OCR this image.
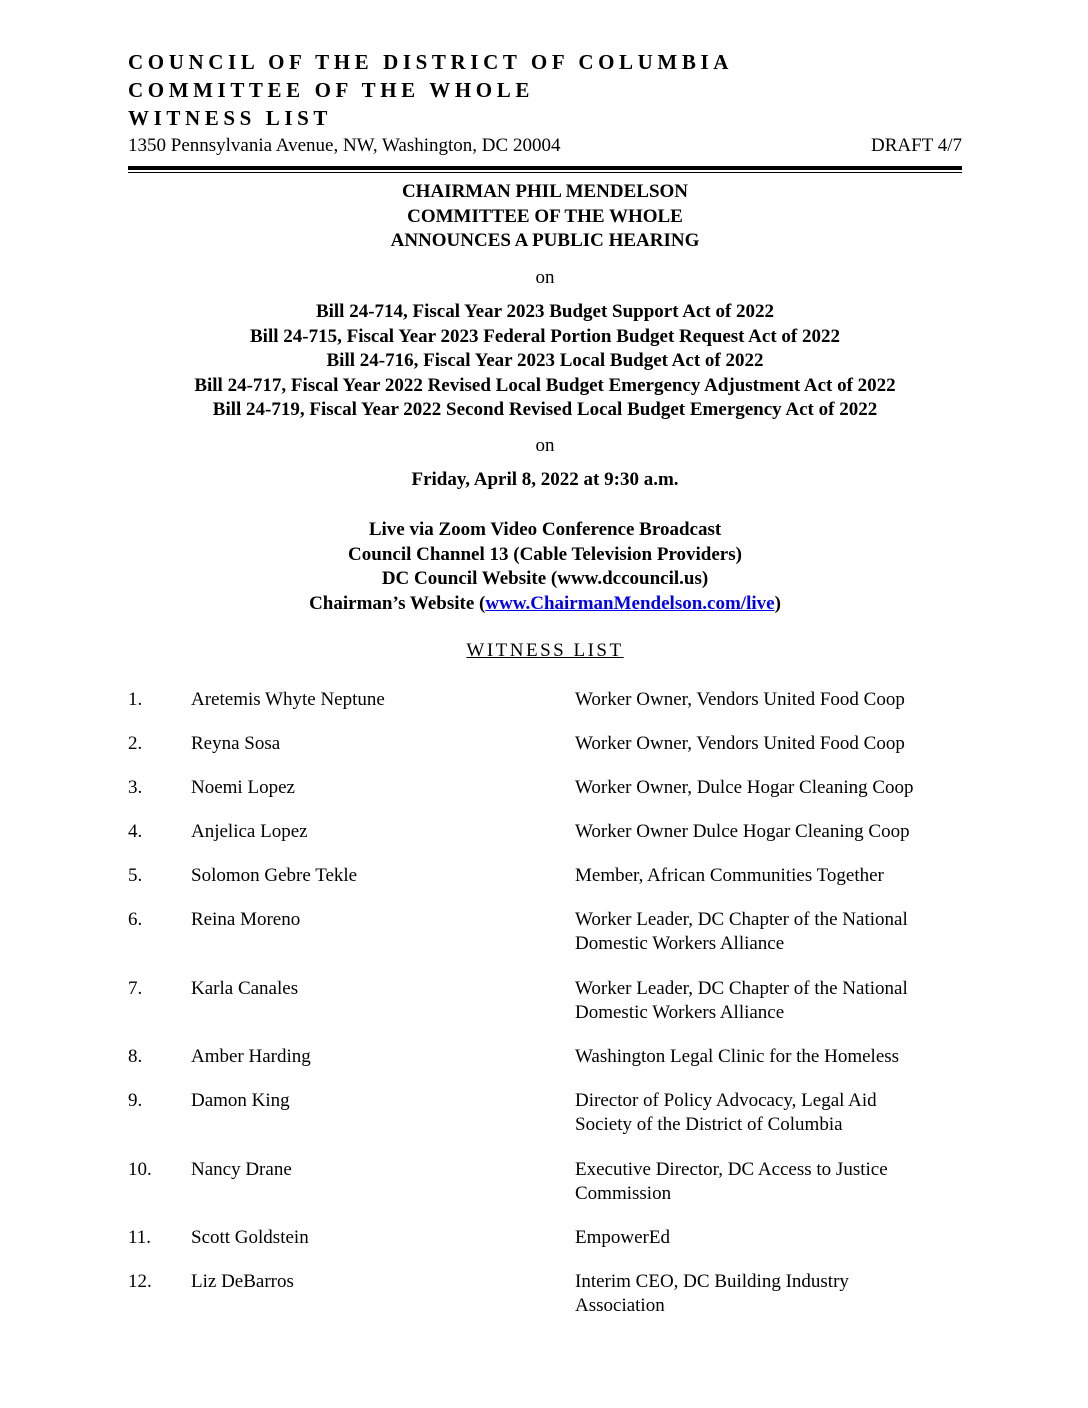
COUNCIL OF THE DISTRICT OF COLUMBIA
COMMITTEE OF THE WHOLE
WITNESS LIST
1350 Pennsylvania Avenue, NW, Washington, DC 20004	DRAFT 4/7
CHAIRMAN PHIL MENDELSON
COMMITTEE OF THE WHOLE
ANNOUNCES A PUBLIC HEARING
on
Bill 24-714, Fiscal Year 2023 Budget Support Act of 2022
Bill 24-715, Fiscal Year 2023 Federal Portion Budget Request Act of 2022
Bill 24-716, Fiscal Year 2023 Local Budget Act of 2022
Bill 24-717, Fiscal Year 2022 Revised Local Budget Emergency Adjustment Act of 2022
Bill 24-719, Fiscal Year 2022 Second Revised Local Budget Emergency Act of 2022
on
Friday, April 8, 2022 at 9:30 a.m.
Live via Zoom Video Conference Broadcast
Council Channel 13 (Cable Television Providers)
DC Council Website (www.dccouncil.us)
Chairman’s Website (www.ChairmanMendelson.com/live)
WITNESS LIST
1.	Aretemis Whyte Neptune	Worker Owner, Vendors United Food Coop
2.	Reyna Sosa	Worker Owner, Vendors United Food Coop
3.	Noemi Lopez	Worker Owner, Dulce Hogar Cleaning Coop
4.	Anjelica Lopez	Worker Owner Dulce Hogar Cleaning Coop
5.	Solomon Gebre Tekle	Member, African Communities Together
6.	Reina Moreno	Worker Leader, DC Chapter of the National
Domestic Workers Alliance
7.	Karla Canales	Worker Leader, DC Chapter of the National
Domestic Workers Alliance
8.	Amber Harding	Washington Legal Clinic for the Homeless
9.	Damon King	Director of Policy Advocacy, Legal Aid
Society of the District of Columbia
10. Nancy Drane	Executive Director, DC Access to Justice
Commission
11. Scott Goldstein	EmpowerEd
12. Liz DeBarros	Interim CEO, DC Building Industry
Association
